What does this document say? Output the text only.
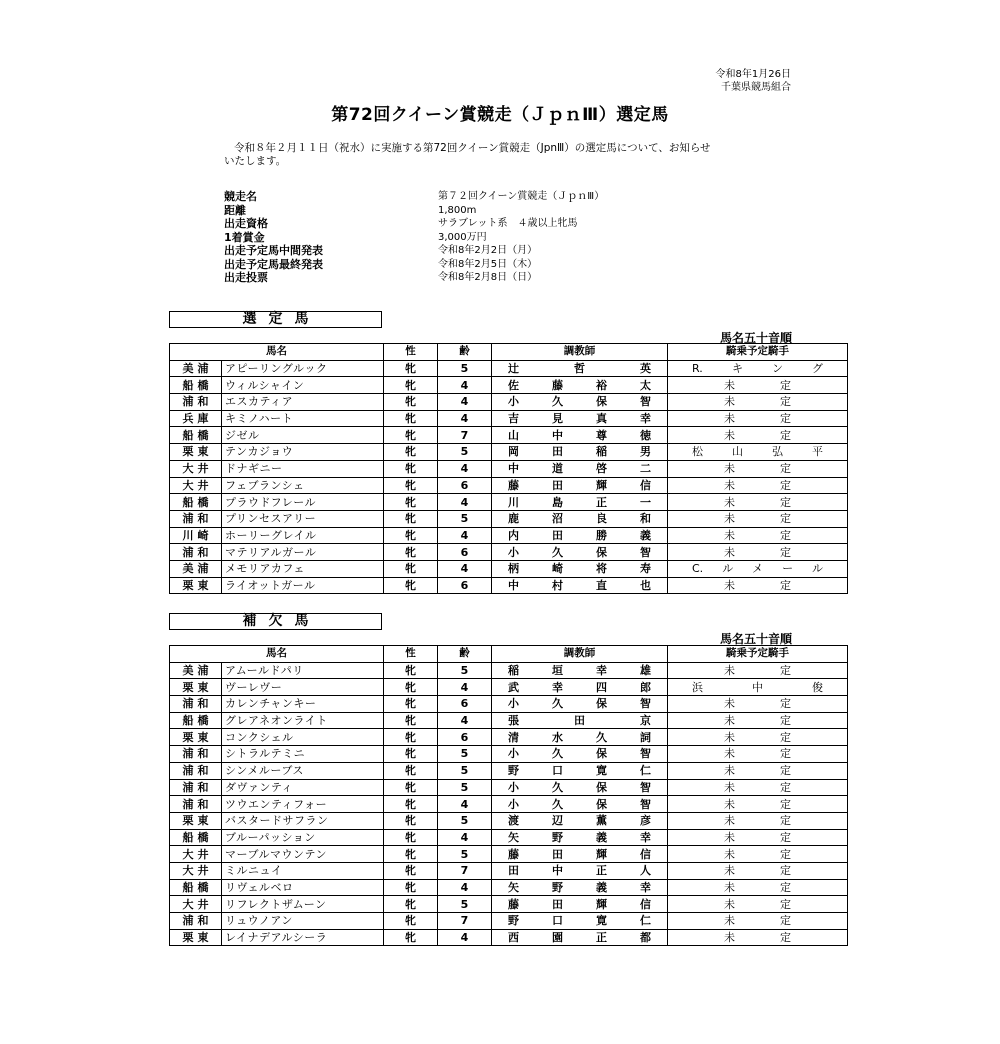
令和8年1月26日
千葉県競馬組合
第72回クイーン賞競走（ＪｐｎⅢ）選定馬
令和８年２月１１日（祝水）に実施する第72回クイーン賞競走（JpnⅢ）の選定馬について、お知らせ
いたします。
競走名	第７２回クイーン賞競走（ＪｐｎⅢ）
距離	1,800m
出走資格	サラブレット系　４歳以上牝馬
1着賞金	3,000万円
出走予定馬中間発表	令和8年2月2日（月）
出走予定馬最終発表	令和8年2月5日（木）
出走投票	令和8年2月8日（日）
選定馬
馬名五十音順
馬名		性	齢	調教師	騎乗予定騎手
美浦	アピーリングルック	牝	5	辻哲英	R.キング
船橋	ウィルシャイン	牝	4	佐藤裕太	未定
浦和	エスカティア	牝	4	小久保智	未定
兵庫	キミノハート	牝	4	吉見真幸	未定
船橋	ジゼル	牝	7	山中尊徳	未定
栗東	テンカジョウ	牝	5	岡田稲男	松山弘平
大井	ドナギニー	牝	4	中道啓二	未定
大井	フェブランシェ	牝	6	藤田輝信	未定
船橋	プラウドフレール	牝	4	川島正一	未定
浦和	プリンセスアリー	牝	5	鹿沼良和	未定
川崎	ホーリーグレイル	牝	4	内田勝義	未定
浦和	マテリアルガール	牝	6	小久保智	未定
美浦	メモリアカフェ	牝	4	柄崎将寿	C.ルメール
栗東	ライオットガール	牝	6	中村直也	未定
補欠馬
馬名五十音順
馬名		性	齢	調教師	騎乗予定騎手
美浦	アムールドパリ	牝	5	稲垣幸雄	未定
栗東	ヴーレヴー	牝	4	武幸四郎	浜中俊
浦和	カレンチャンキー	牝	6	小久保智	未定
船橋	グレアネオンライト	牝	4	張田京	未定
栗東	コンクシェル	牝	6	清水久詞	未定
浦和	シトラルテミニ	牝	5	小久保智	未定
浦和	シンメルーブス	牝	5	野口寛仁	未定
浦和	ダヴァンティ	牝	5	小久保智	未定
浦和	ツウエンティフォー	牝	4	小久保智	未定
栗東	バスタードサフラン	牝	5	渡辺薫彦	未定
船橋	ブルーパッション	牝	4	矢野義幸	未定
大井	マーブルマウンテン	牝	5	藤田輝信	未定
大井	ミルニュイ	牝	7	田中正人	未定
船橋	リヴェルベロ	牝	4	矢野義幸	未定
大井	リフレクトザムーン	牝	5	藤田輝信	未定
浦和	リュウノアン	牝	7	野口寛仁	未定
栗東	レイナデアルシーラ	牝	4	西園正都	未定
